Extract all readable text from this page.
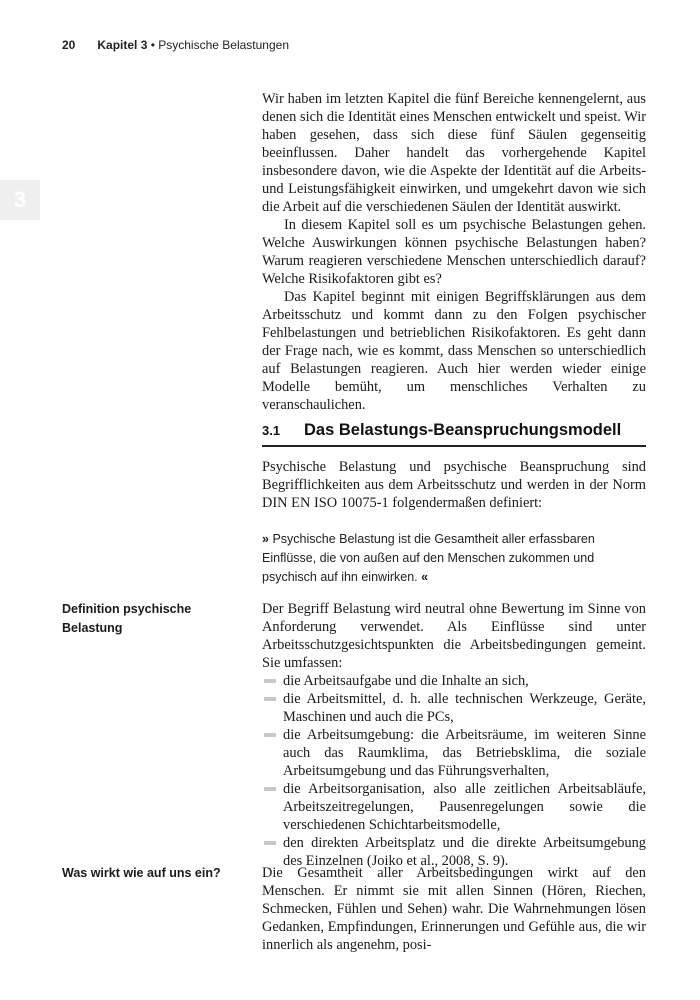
20 Kapitel 3 • Psychische Belastungen
3

Wir haben im letzten Kapitel die fünf Bereiche kennengelernt, aus denen sich die Identität eines Menschen entwickelt und speist. Wir haben gesehen, dass sich diese fünf Säulen gegenseitig beeinflussen. Daher handelt das vorhergehende Kapitel insbesondere davon, wie die Aspekte der Identität auf die Arbeits- und Leistungsfähigkeit einwirken, und umgekehrt davon wie sich die Arbeit auf die verschiedenen Säulen der Identität auswirkt.

In diesem Kapitel soll es um psychische Belastungen gehen. Welche Auswirkungen können psychische Belastungen haben? Warum reagieren verschiedene Menschen unterschiedlich darauf? Welche Risikofaktoren gibt es?

Das Kapitel beginnt mit einigen Begriffsklärungen aus dem Arbeitsschutz und kommt dann zu den Folgen psychischer Fehlbelastungen und betrieblichen Risikofaktoren. Es geht dann der Frage nach, wie es kommt, dass Menschen so unterschiedlich auf Belastungen reagieren. Auch hier werden wieder einige Modelle bemüht, um menschliches Verhalten zu veranschaulichen.

3.1 Das Belastungs-Beanspruchungsmodell

Psychische Belastung und psychische Beanspruchung sind Begrifflichkeiten aus dem Arbeitsschutz und werden in der Norm DIN EN ISO 10075-1 folgendermaßen definiert:

» Psychische Belastung ist die Gesamtheit aller erfassbaren Einflüsse, die von außen auf den Menschen zukommen und psychisch auf ihn einwirken. «
Definition psychische Belastung

Der Begriff Belastung wird neutral ohne Bewertung im Sinne von Anforderung verwendet. Als Einflüsse sind unter Arbeitsschutzgesichtspunkten die Arbeitsbedingungen gemeint. Sie umfassen:

die Arbeitsaufgabe und die Inhalte an sich,
die Arbeitsmittel, d. h. alle technischen Werkzeuge, Geräte, Maschinen und auch die PCs,
die Arbeitsumgebung: die Arbeitsräume, im weiteren Sinne auch das Raumklima, das Betriebsklima, die soziale Arbeitsumgebung und das Führungsverhalten,
die Arbeitsorganisation, also alle zeitlichen Arbeitsabläufe, Arbeitszeitregelungen, Pausenregelungen sowie die verschiedenen Schichtarbeitsmodelle,
den direkten Arbeitsplatz und die direkte Arbeitsumgebung des Einzelnen (Joiko et al., 2008, S. 9).
Was wirkt wie auf uns ein?	Die Gesamtheit aller Arbeitsbedingungen wirkt auf den Menschen. Er nimmt sie mit allen Sinnen (Hören, Riechen, Schmecken, Fühlen und Sehen) wahr. Die Wahrnehmungen lösen Gedanken, Empfindungen, Erinnerungen und Gefühle aus, die wir innerlich als angenehm, posi-
